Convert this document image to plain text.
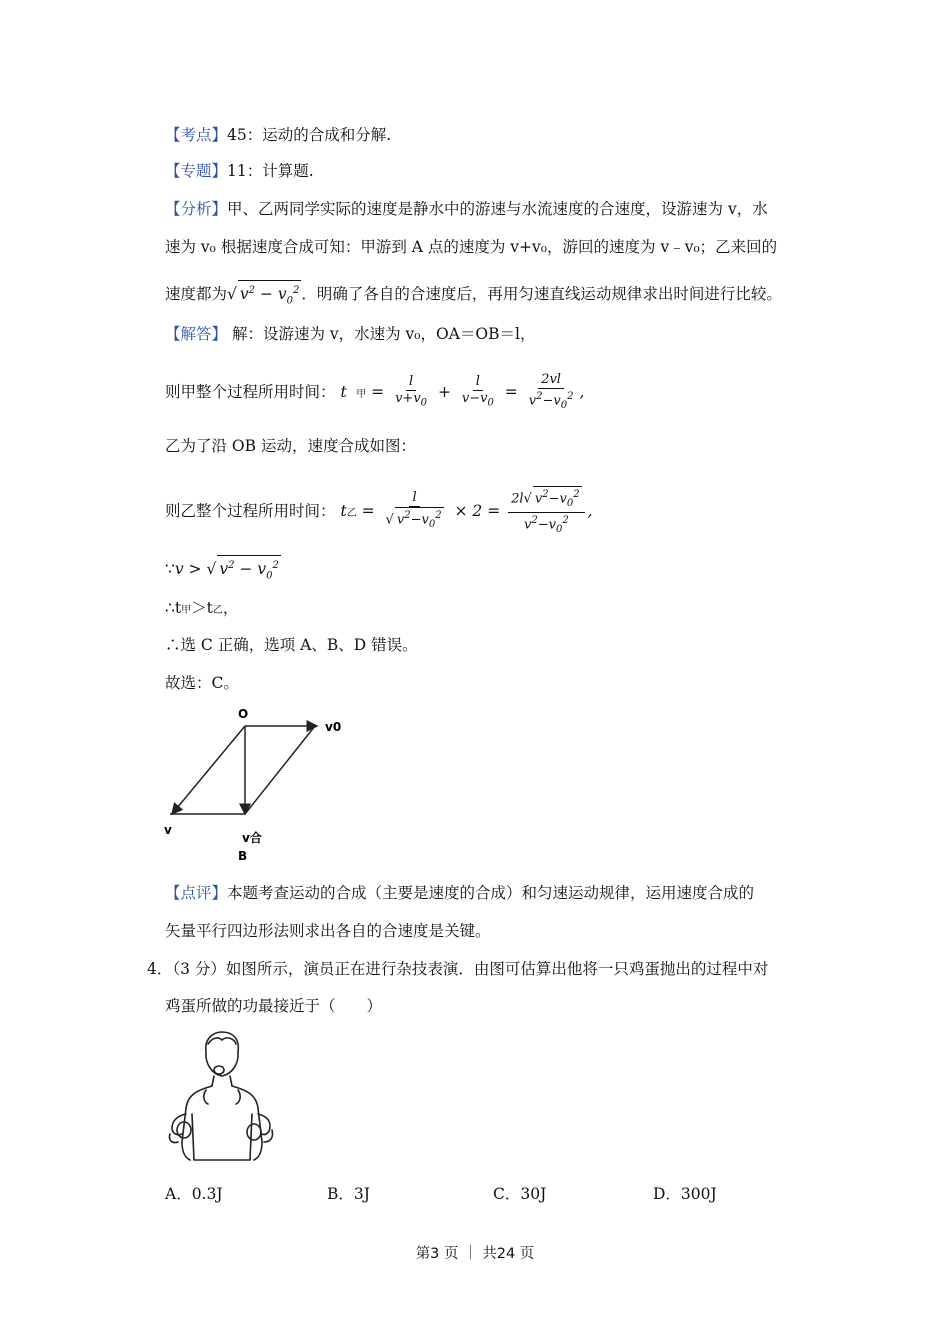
【考点】45：运动的合成和分解.
【专题】11：计算题.
【分析】甲、乙两同学实际的速度是静水中的游速与水流速度的合速度，设游速为 v，水
速为 v₀ 根据速度合成可知：甲游到 A 点的速度为 v+v₀，游回的速度为 v﹣v₀；乙来回的
速度都为√ $v^2 - v_0^2$ ．明确了各自的合速度后，再用匀速直线运动规律求出时间进行比较。
【解答】 解：设游速为 v，水速为 v₀，OA＝OB＝l，
则甲整个过程所用时间： t   甲 = $\frac{l}{v+v_0} + \frac{l}{v-v_0} = \frac{2vl}{v^2-v_0^2}$ ,
乙为了沿 OB 运动，速度合成如图：
则乙整个过程所用时间： t乙 = $\frac{l}{√ v^2-v_0^2} \times 2 = \frac{2l√ v^2-v_0^2}{v^2-v_0^2}$ ,
∵v > √ $v^2 - v_0^2$
∴t甲＞t乙，
∴选 C 正确，选项 A、B、D 错误。
故选：C。
O
v0
v
v合
B
【点评】本题考查运动的合成（主要是速度的合成）和匀速运动规律，运用速度合成的
矢量平行四边形法则求出各自的合速度是关键。
4．（3 分）如图所示，演员正在进行杂技表演．由图可估算出他将一只鸡蛋抛出的过程中对
鸡蛋所做的功最接近于（　　）
A．0.3J	B．3J	C．30J	D．300J
第3 页 ｜ 共24 页
